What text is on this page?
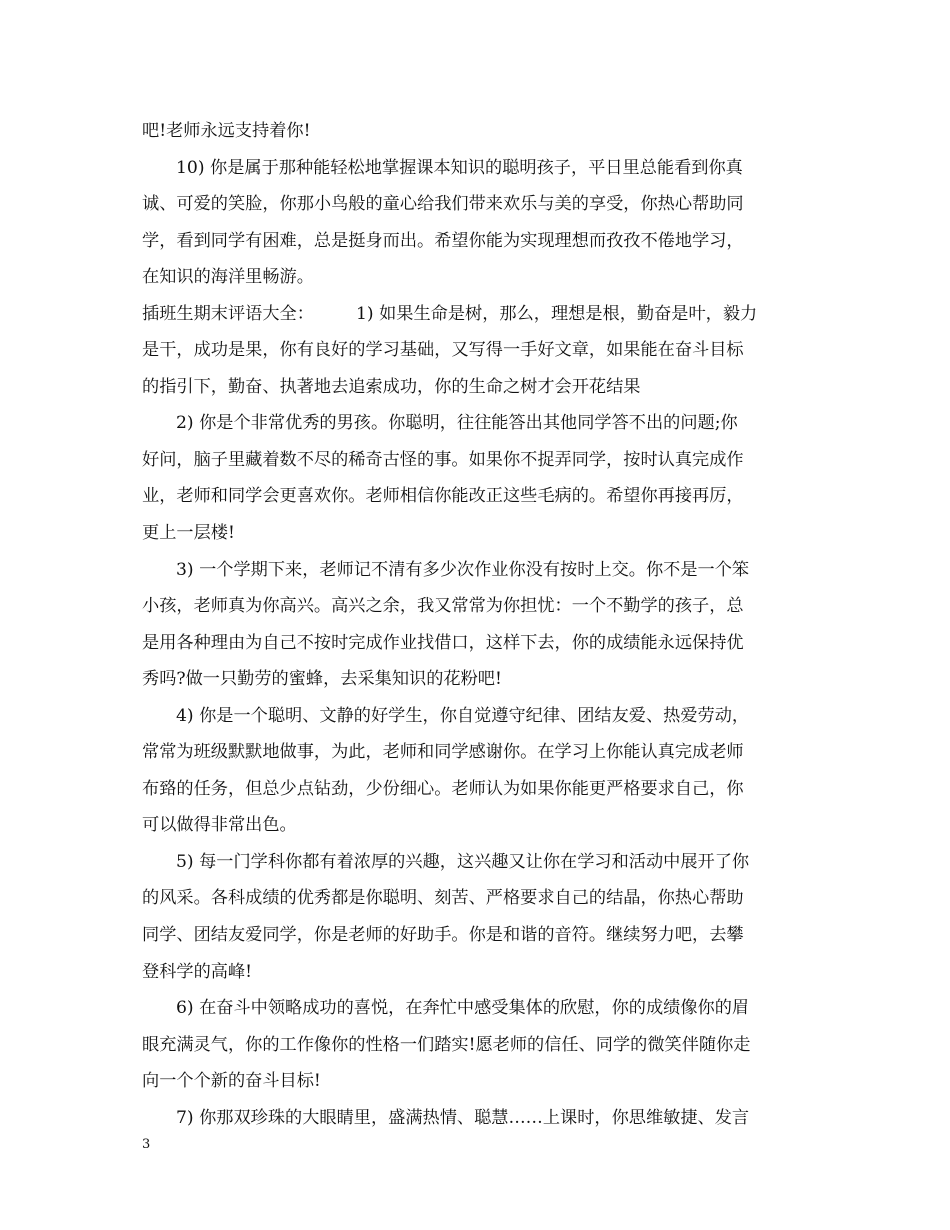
吧!老师永远支持着你!
10) 你是属于那种能轻松地掌握课本知识的聪明孩子，平日里总能看到你真
诚、可爱的笑脸，你那小鸟般的童心给我们带来欢乐与美的享受，你热心帮助同
学，看到同学有困难，总是挺身而出。希望你能为实现理想而孜孜不倦地学习，
在知识的海洋里畅游。
插班生期末评语大全： 1) 如果生命是树，那么，理想是根，勤奋是叶，毅力
是干，成功是果，你有良好的学习基础，又写得一手好文章，如果能在奋斗目标
的指引下，勤奋、执著地去追索成功，你的生命之树才会开花结果
2) 你是个非常优秀的男孩。你聪明，往往能答出其他同学答不出的问题;你
好问，脑子里藏着数不尽的稀奇古怪的事。如果你不捉弄同学，按时认真完成作
业，老师和同学会更喜欢你。老师相信你能改正这些毛病的。希望你再接再厉，
更上一层楼!
3) 一个学期下来，老师记不清有多少次作业你没有按时上交。你不是一个笨
小孩，老师真为你高兴。高兴之余，我又常常为你担忧：一个不勤学的孩子，总
是用各种理由为自己不按时完成作业找借口，这样下去，你的成绩能永远保持优
秀吗?做一只勤劳的蜜蜂，去采集知识的花粉吧!
4) 你是一个聪明、文静的好学生，你自觉遵守纪律、团结友爱、热爱劳动，
常常为班级默默地做事，为此，老师和同学感谢你。在学习上你能认真完成老师
布臵的任务，但总少点钻劲，少份细心。老师认为如果你能更严格要求自己，你
可以做得非常出色。
5) 每一门学科你都有着浓厚的兴趣，这兴趣又让你在学习和活动中展开了你
的风采。各科成绩的优秀都是你聪明、刻苦、严格要求自己的结晶，你热心帮助
同学、团结友爱同学，你是老师的好助手。你是和谐的音符。继续努力吧，去攀
登科学的高峰!
6) 在奋斗中领略成功的喜悦，在奔忙中感受集体的欣慰，你的成绩像你的眉
眼充满灵气，你的工作像你的性格一们踏实!愿老师的信任、同学的微笑伴随你走
向一个个新的奋斗目标!
7) 你那双珍珠的大眼睛里，盛满热情、聪慧……上课时，你思维敏捷、发言
3
